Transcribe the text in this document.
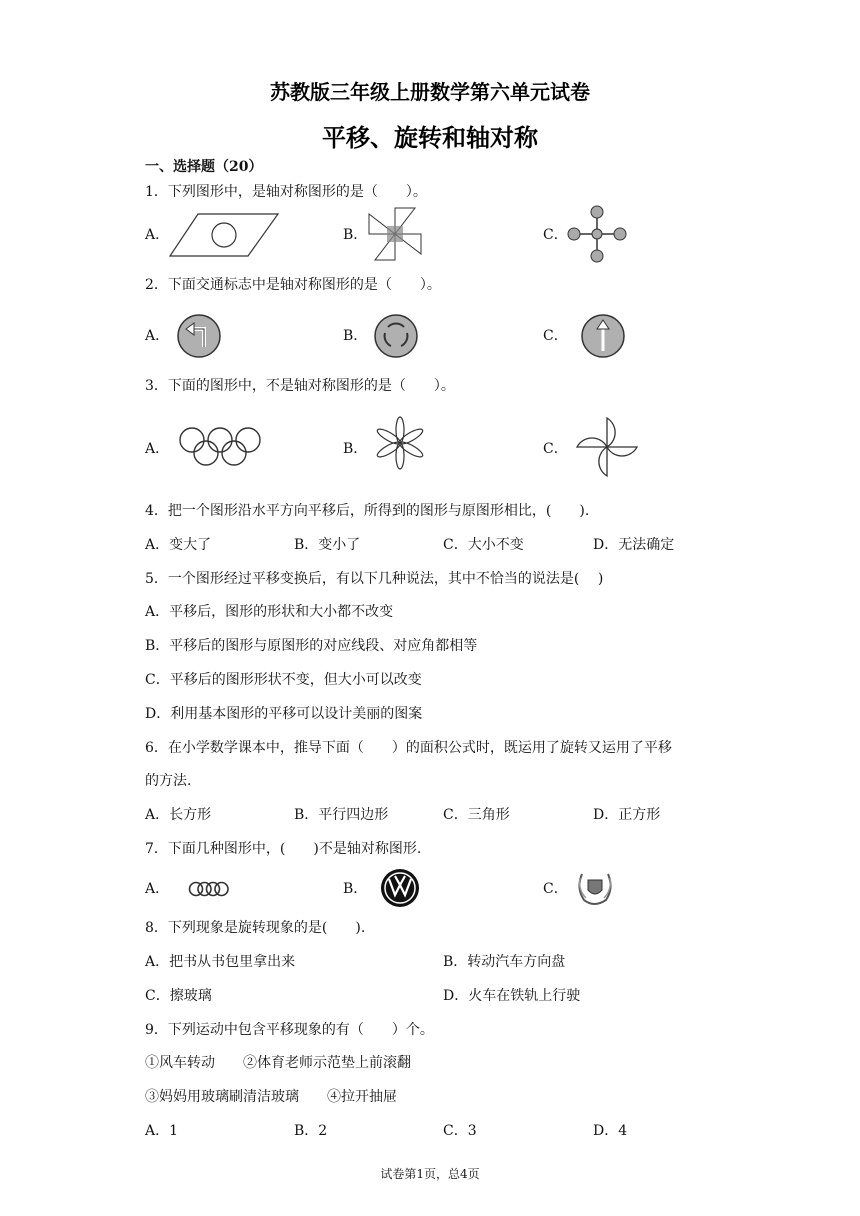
苏教版三年级上册数学第六单元试卷
平移、旋转和轴对称
一、选择题（20）
1．下列图形中，是轴对称图形的是（　　）。
A．	B．	C．
2．下面交通标志中是轴对称图形的是（　　）。
A．	B．	C．
3．下面的图形中，不是轴对称图形的是（　　）。
A．	B．	C．
4．把一个图形沿水平方向平移后，所得到的图形与原图形相比，(　　).
A．变大了	B．变小了	C．大小不变	D．无法确定
5．一个图形经过平移变换后，有以下几种说法，其中不恰当的说法是(　 )
A．平移后，图形的形状和大小都不改变
B．平移后的图形与原图形的对应线段、对应角都相等
C．平移后的图形形状不变，但大小可以改变
D．利用基本图形的平移可以设计美丽的图案
6．在小学数学课本中，推导下面（　　）的面积公式时，既运用了旋转又运用了平移
的方法.
A．长方形	B．平行四边形	C．三角形	D．正方形
7．下面几种图形中，(　　)不是轴对称图形.
A．	B．	C．
8．下列现象是旋转现象的是(　　).
A．把书从书包里拿出来	B．转动汽车方向盘
C．擦玻璃	D．火车在铁轨上行驶
9．下列运动中包含平移现象的有（　　）个。
①风车转动　　②体育老师示范垫上前滚翻
③妈妈用玻璃刷清洁玻璃　　④拉开抽屉
A．1	B．2	C．3	D．4
试卷第1页，总4页
